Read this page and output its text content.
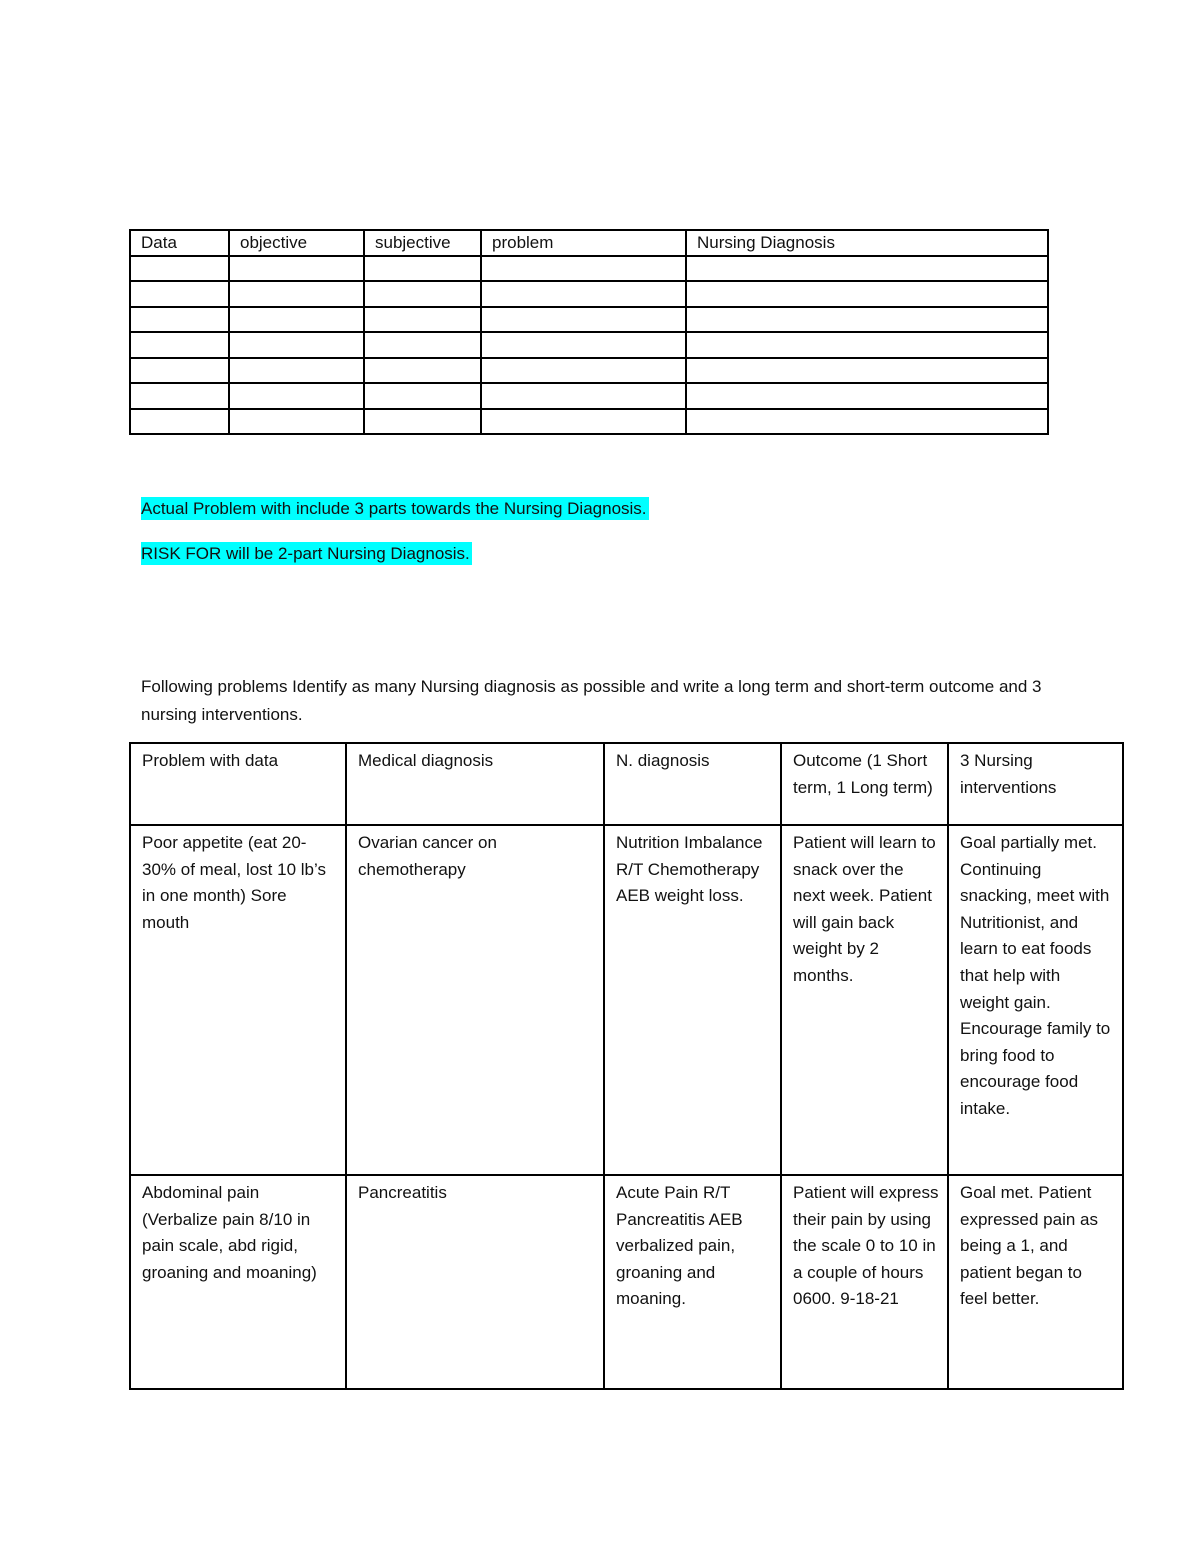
Data	objective	subjective	problem	Nursing Diagnosis

Actual Problem with include 3 parts towards the Nursing Diagnosis.
RISK FOR will be 2-part Nursing Diagnosis.

Following problems Identify as many Nursing diagnosis as possible and write a long term and short-term outcome and 3 nursing interventions.

Problem with data	Medical diagnosis	N. diagnosis	Outcome (1 Short term, 1 Long term)	3 Nursing interventions
Poor appetite (eat 20-30% of meal, lost 10 lb’s in one month) Sore mouth	Ovarian cancer on chemotherapy	Nutrition Imbalance R/T Chemotherapy AEB weight loss.	Patient will learn to snack over the next week. Patient will gain back weight by 2 months.	Goal partially met. Continuing snacking, meet with Nutritionist, and learn to eat foods that help with weight gain. Encourage family to bring food to encourage food intake.
Abdominal pain (Verbalize pain 8/10 in pain scale, abd rigid, groaning and moaning)	Pancreatitis	Acute Pain R/T Pancreatitis AEB verbalized pain, groaning and moaning.	Patient will express their pain by using the scale 0 to 10 in a couple of hours 0600. 9-18-21	Goal met. Patient expressed pain as being a 1, and patient began to feel better.
